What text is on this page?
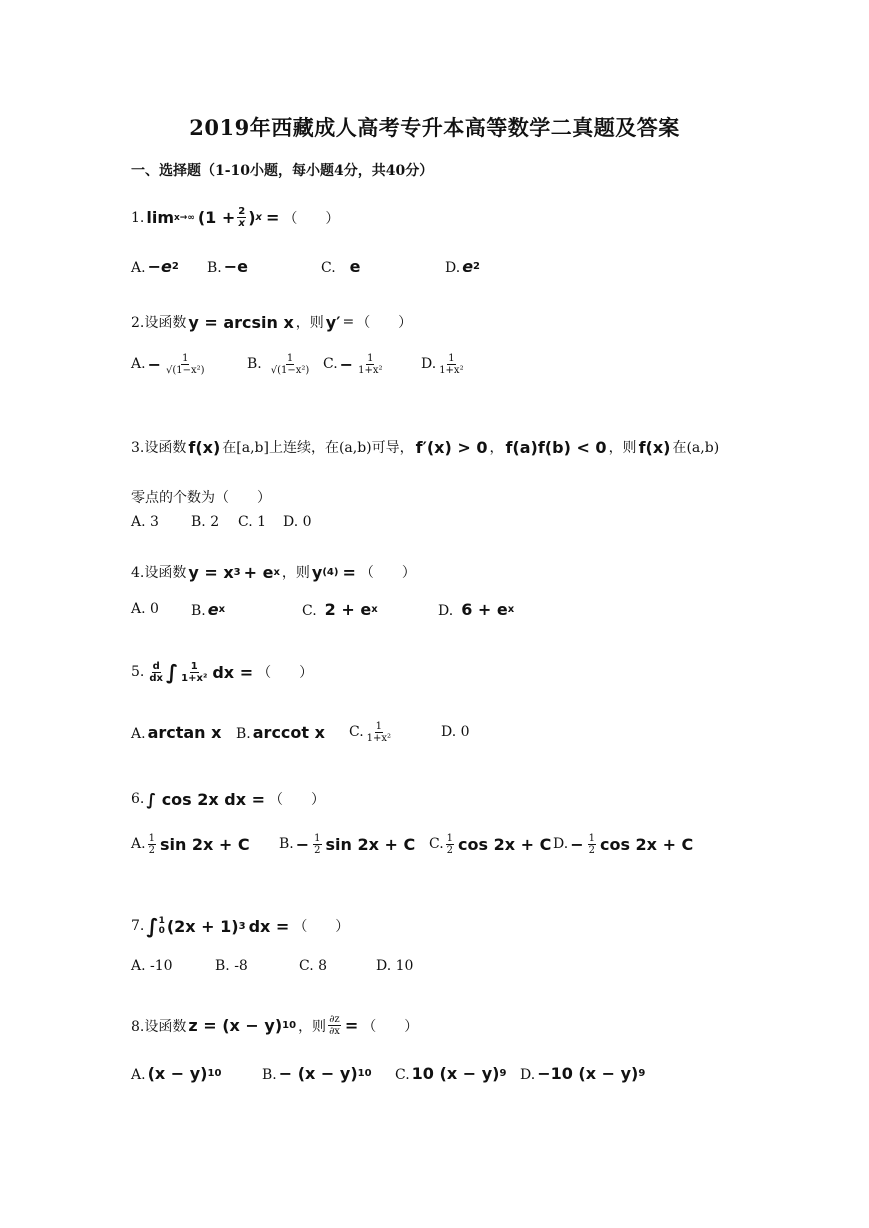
2019年西藏成人高考专升本高等数学二真题及答案
一、选择题（1-10小题，每小题4分，共40分）
1. lim x→∞ ($1 + \frac{2}{x}$ ) x = （　　）
A. −e 2 B. −e	C. e	D. e 2
2.设函数 y = arcsin x ，则 y′ = （　　）
A. − $\frac{1}{\text{√(1−x²)}}$	B. $\frac{1}{\text{√(1−x²)}} C$. − $\frac{1}{\text{1+x²}}$	D. $\frac{1}{\text{1+x²}}$
3.设函数 f(x) 在[a,b]上连续，在(a,b)可导， f′(x) > 0 ， f(a)f(b) < 0 ，则 f(x) 在(a,b)
零点的个数为（　　）
A. 3 B. 2 C. 1 D. 0
4.设函数 y = x 3 + e x ，则 y (4) = （　　）
A. 0 B. e x	C. 2 + e x	D. 6 + e x
5. $\frac{d}{dx}$ ∫ $\frac{1}{\text{1+x²}}$ dx = （　　）
A. arctan x B. arccot x C. $\frac{1}{\text{1+x²}}$	D. 0
6. ∫ cos 2x dx = （　　）
A. $\frac{1}{2}$ sin 2x + C B. − $\frac{1}{2}$ sin 2x + C C. $\frac{1}{2}$ cos 2x + C D. − $\frac{1}{2}$ cos 2x + C
7. ∫ 1
0 (2x + 1) 3 dx = （　　）
A. -10	B. -8	C. 8	D. 10
8.设函数 z = (x − y) 10 ，则 $\frac{\partial z}{\partial x}$ = （　　）
A. (x − y) 10	B. − (x − y) 10 C. 10 (x − y) 9 D. −10 (x − y) 9
